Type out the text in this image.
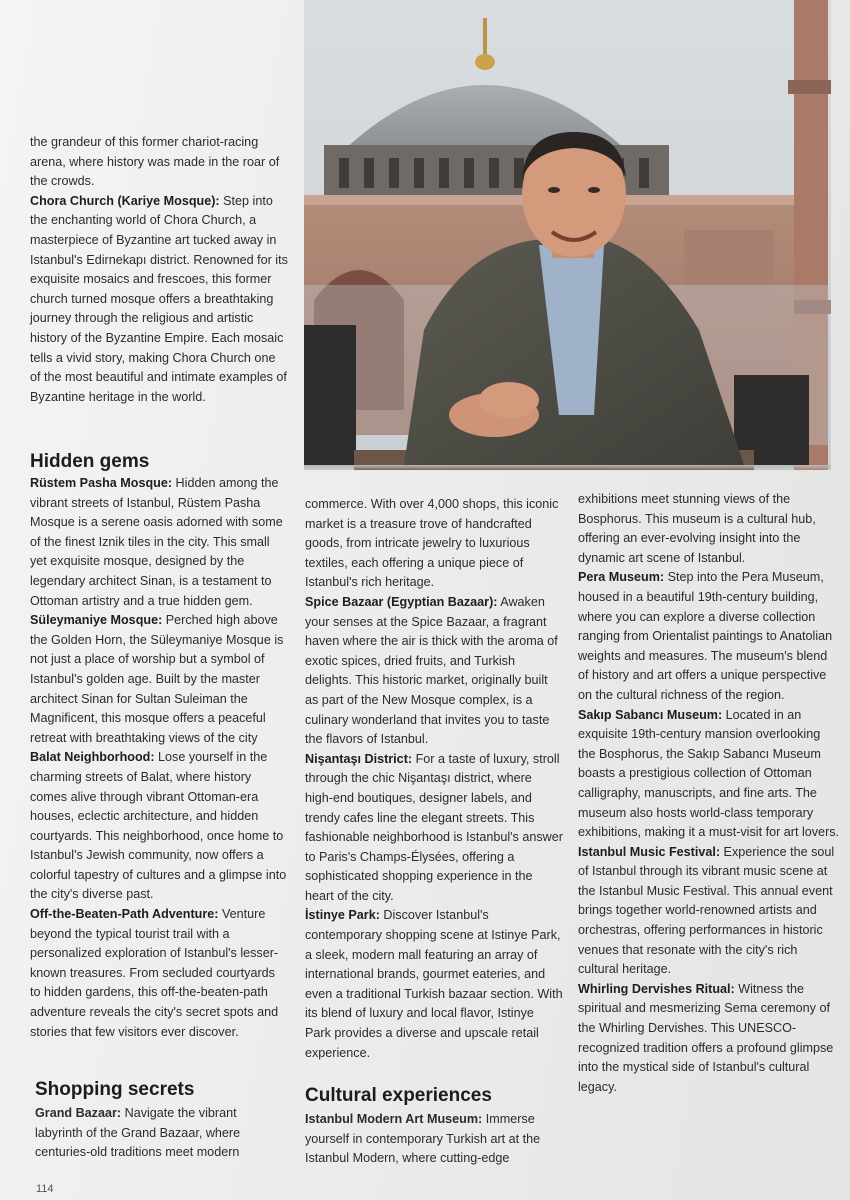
the grandeur of this former chariot-racing arena, where history was made in the roar of the crowds.

Chora Church (Kariye Mosque): Step into the enchanting world of Chora Church, a masterpiece of Byzantine art tucked away in Istanbul's Edirnekapı district. Renowned for its exquisite mosaics and frescoes, this former church turned mosque offers a breathtaking journey through the religious and artistic history of the Byzantine Empire. Each mosaic tells a vivid story, making Chora Church one of the most beautiful and intimate examples of Byzantine heritage in the world.

Hidden gems

Rüstem Pasha Mosque: Hidden among the vibrant streets of Istanbul, Rüstem Pasha Mosque is a serene oasis adorned with some of the finest Iznik tiles in the city. This small yet exquisite mosque, designed by the legendary architect Sinan, is a testament to Ottoman artistry and a true hidden gem.

Süleymaniye Mosque: Perched high above the Golden Horn, the Süleymaniye Mosque is not just a place of worship but a symbol of Istanbul's golden age. Built by the master architect Sinan for Sultan Suleiman the Magnificent, this mosque offers a peaceful retreat with breathtaking views of the city

Balat Neighborhood: Lose yourself in the charming streets of Balat, where history comes alive through vibrant Ottoman-era houses, eclectic architecture, and hidden courtyards. This neighborhood, once home to Istanbul's Jewish community, now offers a colorful tapestry of cultures and a glimpse into the city's diverse past.

Off-the-Beaten-Path Adventure: Venture beyond the typical tourist trail with a personalized exploration of Istanbul's lesser-known treasures. From secluded courtyards to hidden gardens, this off-the-beaten-path adventure reveals the city's secret spots and stories that few visitors ever discover.

Shopping secrets
Grand Bazaar: Navigate the vibrant labyrinth of the Grand Bazaar, where centuries-old traditions meet modern

commerce. With over 4,000 shops, this iconic market is a treasure trove of handcrafted goods, from intricate jewelry to luxurious textiles, each offering a unique piece of Istanbul's rich heritage.

Spice Bazaar (Egyptian Bazaar): Awaken your senses at the Spice Bazaar, a fragrant haven where the air is thick with the aroma of exotic spices, dried fruits, and Turkish delights. This historic market, originally built as part of the New Mosque complex, is a culinary wonderland that invites you to taste the flavors of Istanbul.

Nişantaşı District: For a taste of luxury, stroll through the chic Nişantaşı district, where high-end boutiques, designer labels, and trendy cafes line the elegant streets. This fashionable neighborhood is Istanbul's answer to Paris's Champs-Élysées, offering a sophisticated shopping experience in the heart of the city.

İstinye Park: Discover Istanbul's contemporary shopping scene at Istinye Park, a sleek, modern mall featuring an array of international brands, gourmet eateries, and even a traditional Turkish bazaar section. With its blend of luxury and local flavor, Istinye Park provides a diverse and upscale retail experience.

Cultural experiences
Istanbul Modern Art Museum: Immerse yourself in contemporary Turkish art at the Istanbul Modern, where cutting-edge

exhibitions meet stunning views of the Bosphorus. This museum is a cultural hub, offering an ever-evolving insight into the dynamic art scene of Istanbul.

Pera Museum: Step into the Pera Museum, housed in a beautiful 19th-century building, where you can explore a diverse collection ranging from Orientalist paintings to Anatolian weights and measures. The museum's blend of history and art offers a unique perspective on the cultural richness of the region.

Sakıp Sabancı Museum: Located in an exquisite 19th-century mansion overlooking the Bosphorus, the Sakıp Sabancı Museum boasts a prestigious collection of Ottoman calligraphy, manuscripts, and fine arts. The museum also hosts world-class temporary exhibitions, making it a must-visit for art lovers.

Istanbul Music Festival: Experience the soul of Istanbul through its vibrant music scene at the Istanbul Music Festival. This annual event brings together world-renowned artists and orchestras, offering performances in historic venues that resonate with the city's rich cultural heritage.

Whirling Dervishes Ritual: Witness the spiritual and mesmerizing Sema ceremony of the Whirling Dervishes. This UNESCO-recognized tradition offers a profound glimpse into the mystical side of Istanbul's cultural legacy.

114
